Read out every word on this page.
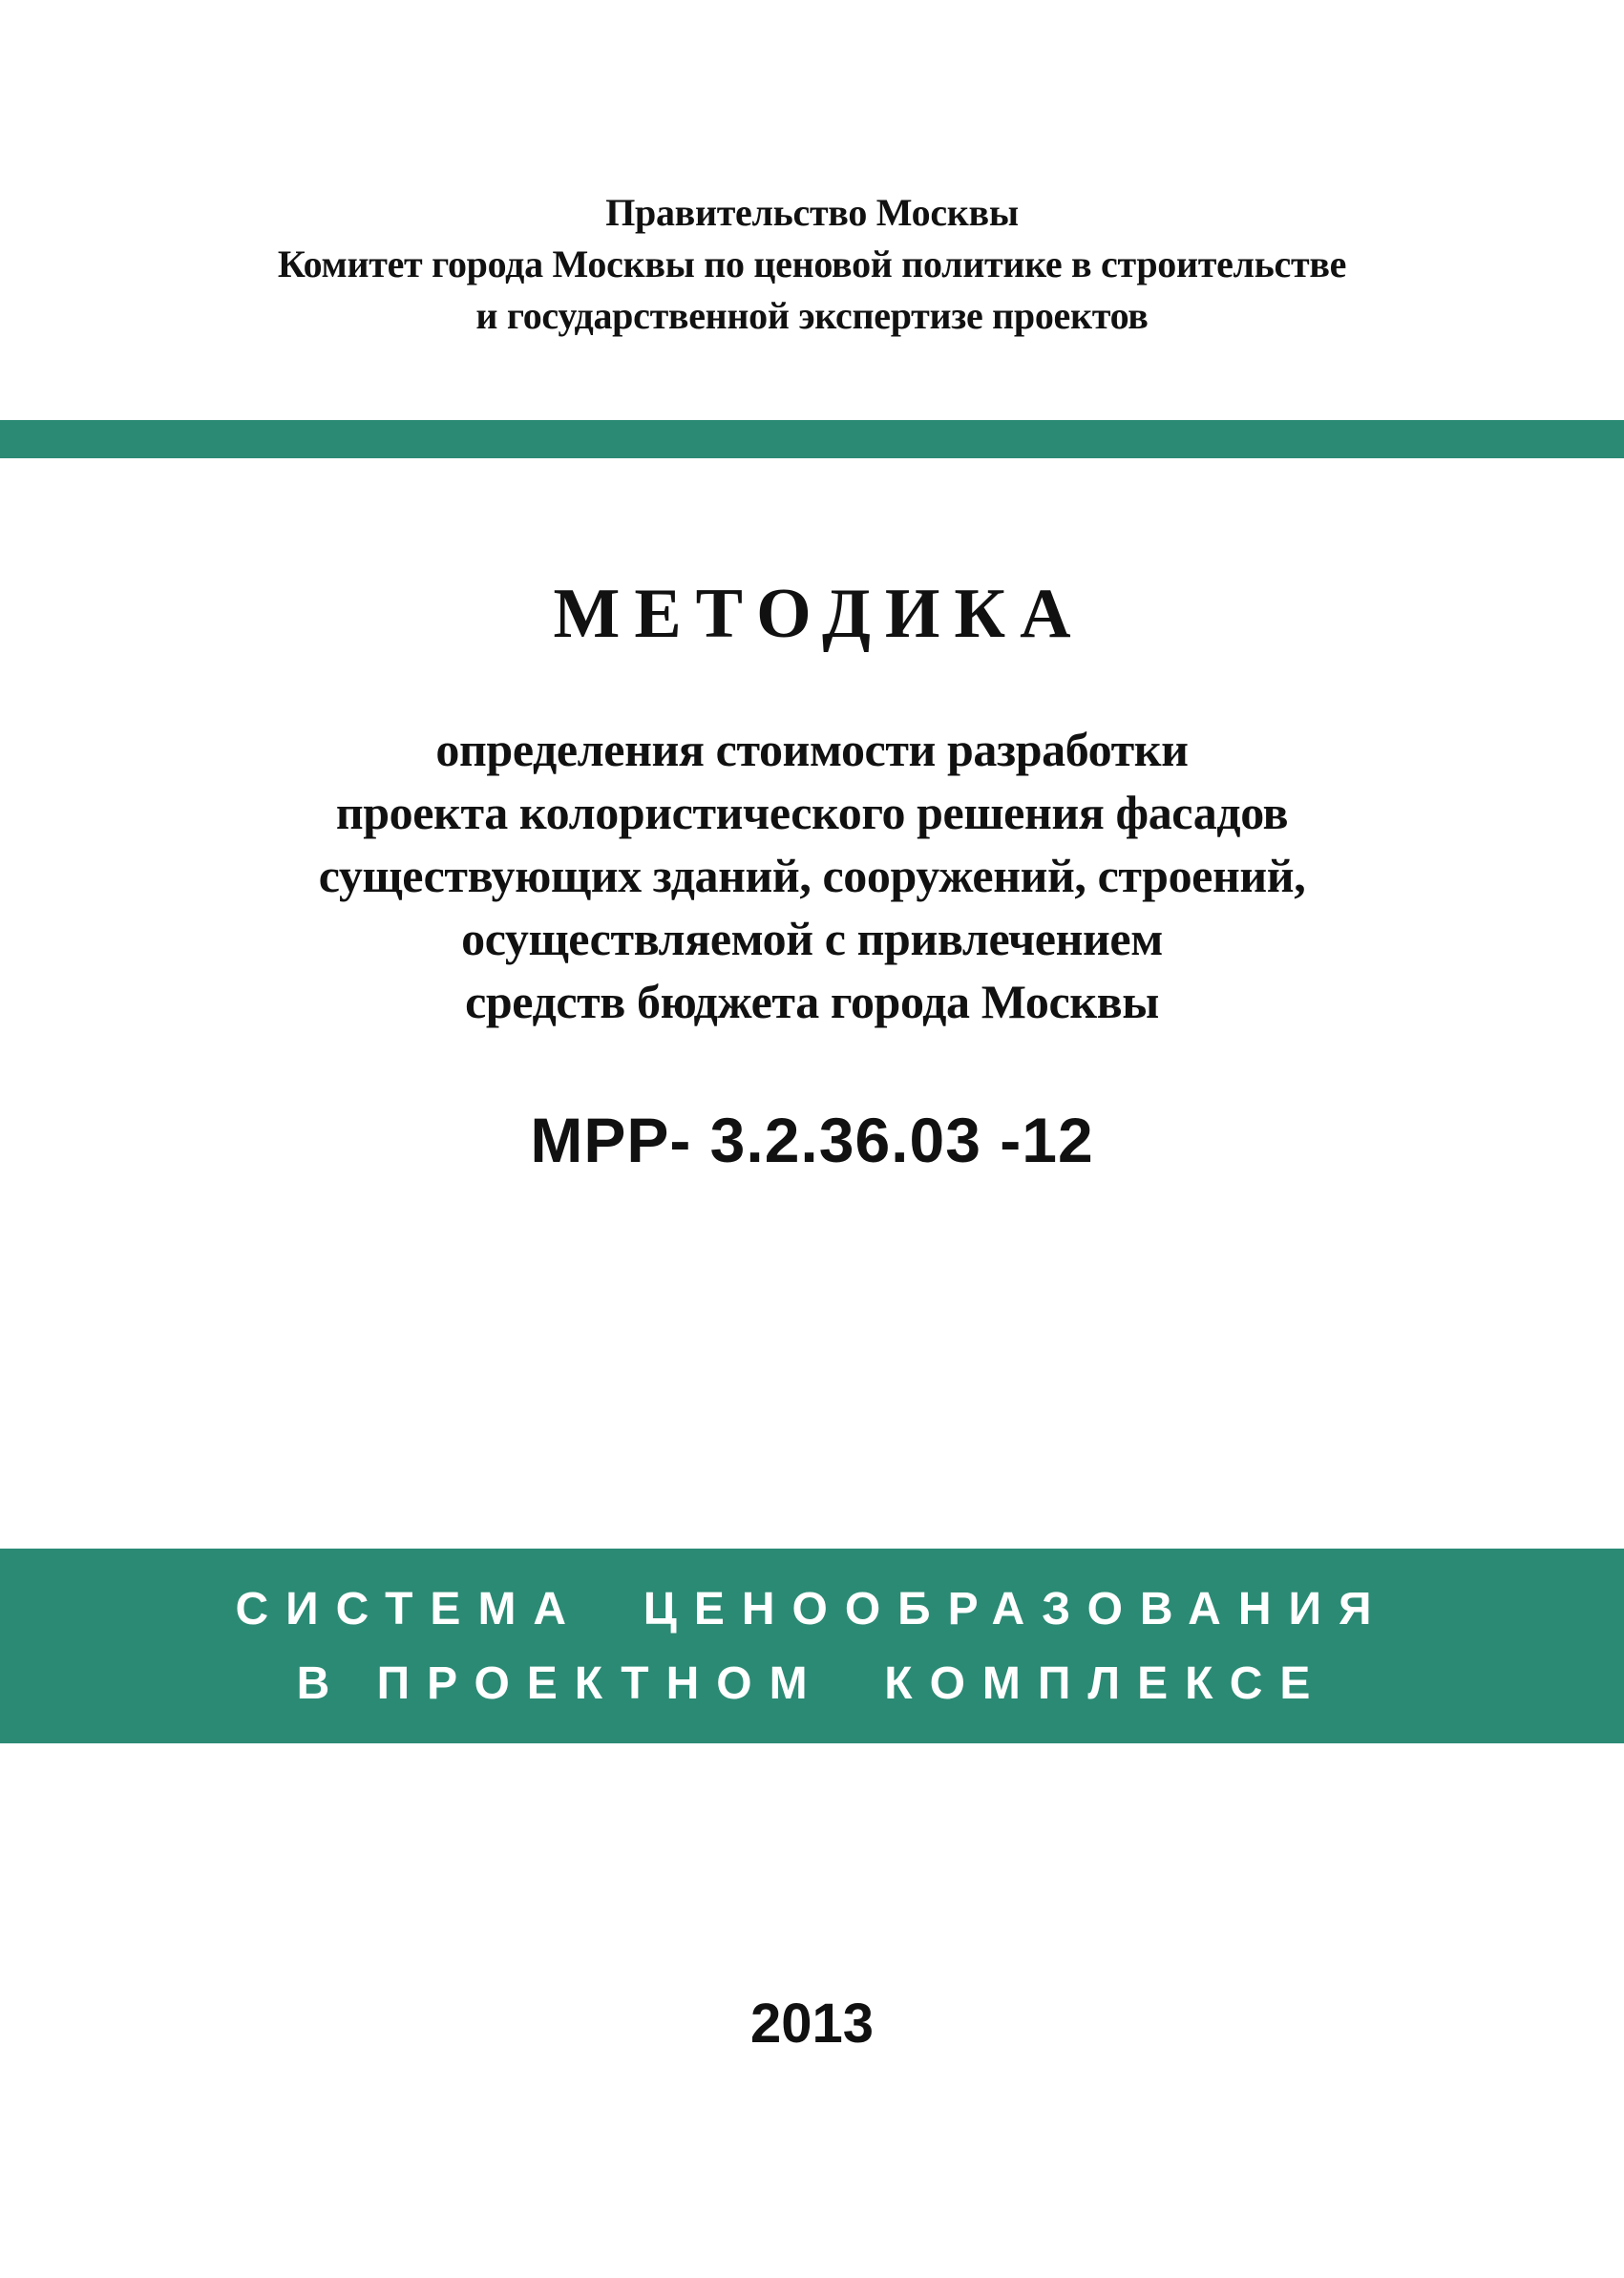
Правительство Москвы
Комитет города Москвы по ценовой политике в строительстве
и государственной экспертизе проектов
МЕТОДИКА
определения стоимости разработки
проекта колористического решения фасадов
существующих зданий, сооружений, строений,
осуществляемой с привлечением
средств бюджета города Москвы
МРР- 3.2.36.03 -12
СИСТЕМА  ЦЕНООБРАЗОВАНИЯ
В ПРОЕКТНОМ  КОМПЛЕКСЕ
2013
